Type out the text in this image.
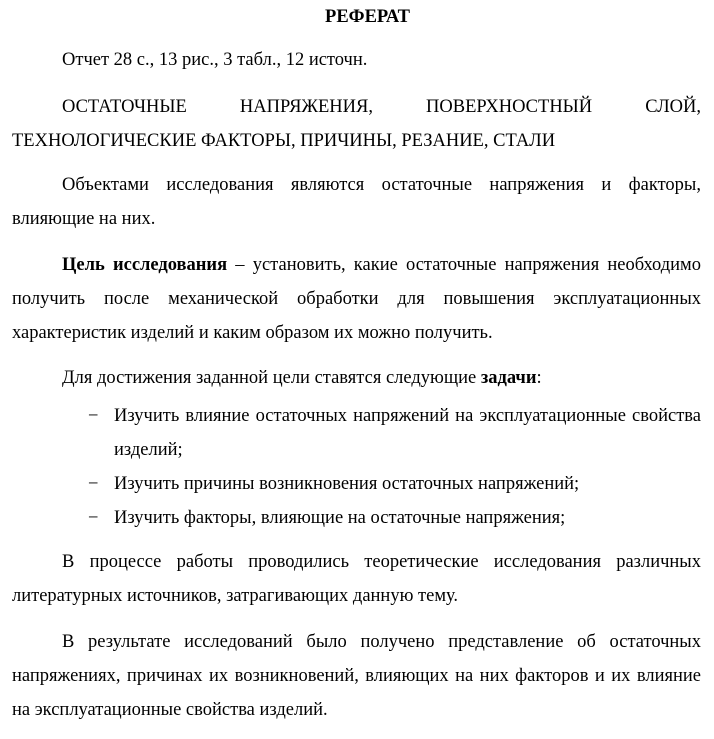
РЕФЕРАТ

Отчет 28 с., 13 рис., 3 табл., 12 источн.

ОСТАТОЧНЫЕ НАПРЯЖЕНИЯ, ПОВЕРХНОСТНЫЙ СЛОЙ, ТЕХНОЛОГИЧЕСКИЕ ФАКТОРЫ, ПРИЧИНЫ, РЕЗАНИЕ, СТАЛИ

Объектами исследования являются остаточные напряжения и факторы, влияющие на них.

Цель исследования – установить, какие остаточные напряжения необходимо получить после механической обработки для повышения эксплуатационных характеристик изделий и каким образом их можно получить.

Для достижения заданной цели ставятся следующие задачи:

− Изучить влияние остаточных напряжений на эксплуатационные свойства изделий;
− Изучить причины возникновения остаточных напряжений;
− Изучить факторы, влияющие на остаточные напряжения;

В процессе работы проводились теоретические исследования различных литературных источников, затрагивающих данную тему.

В результате исследований было получено представление об остаточных напряжениях, причинах их возникновений, влияющих на них факторов и их влияние на эксплуатационные свойства изделий.
